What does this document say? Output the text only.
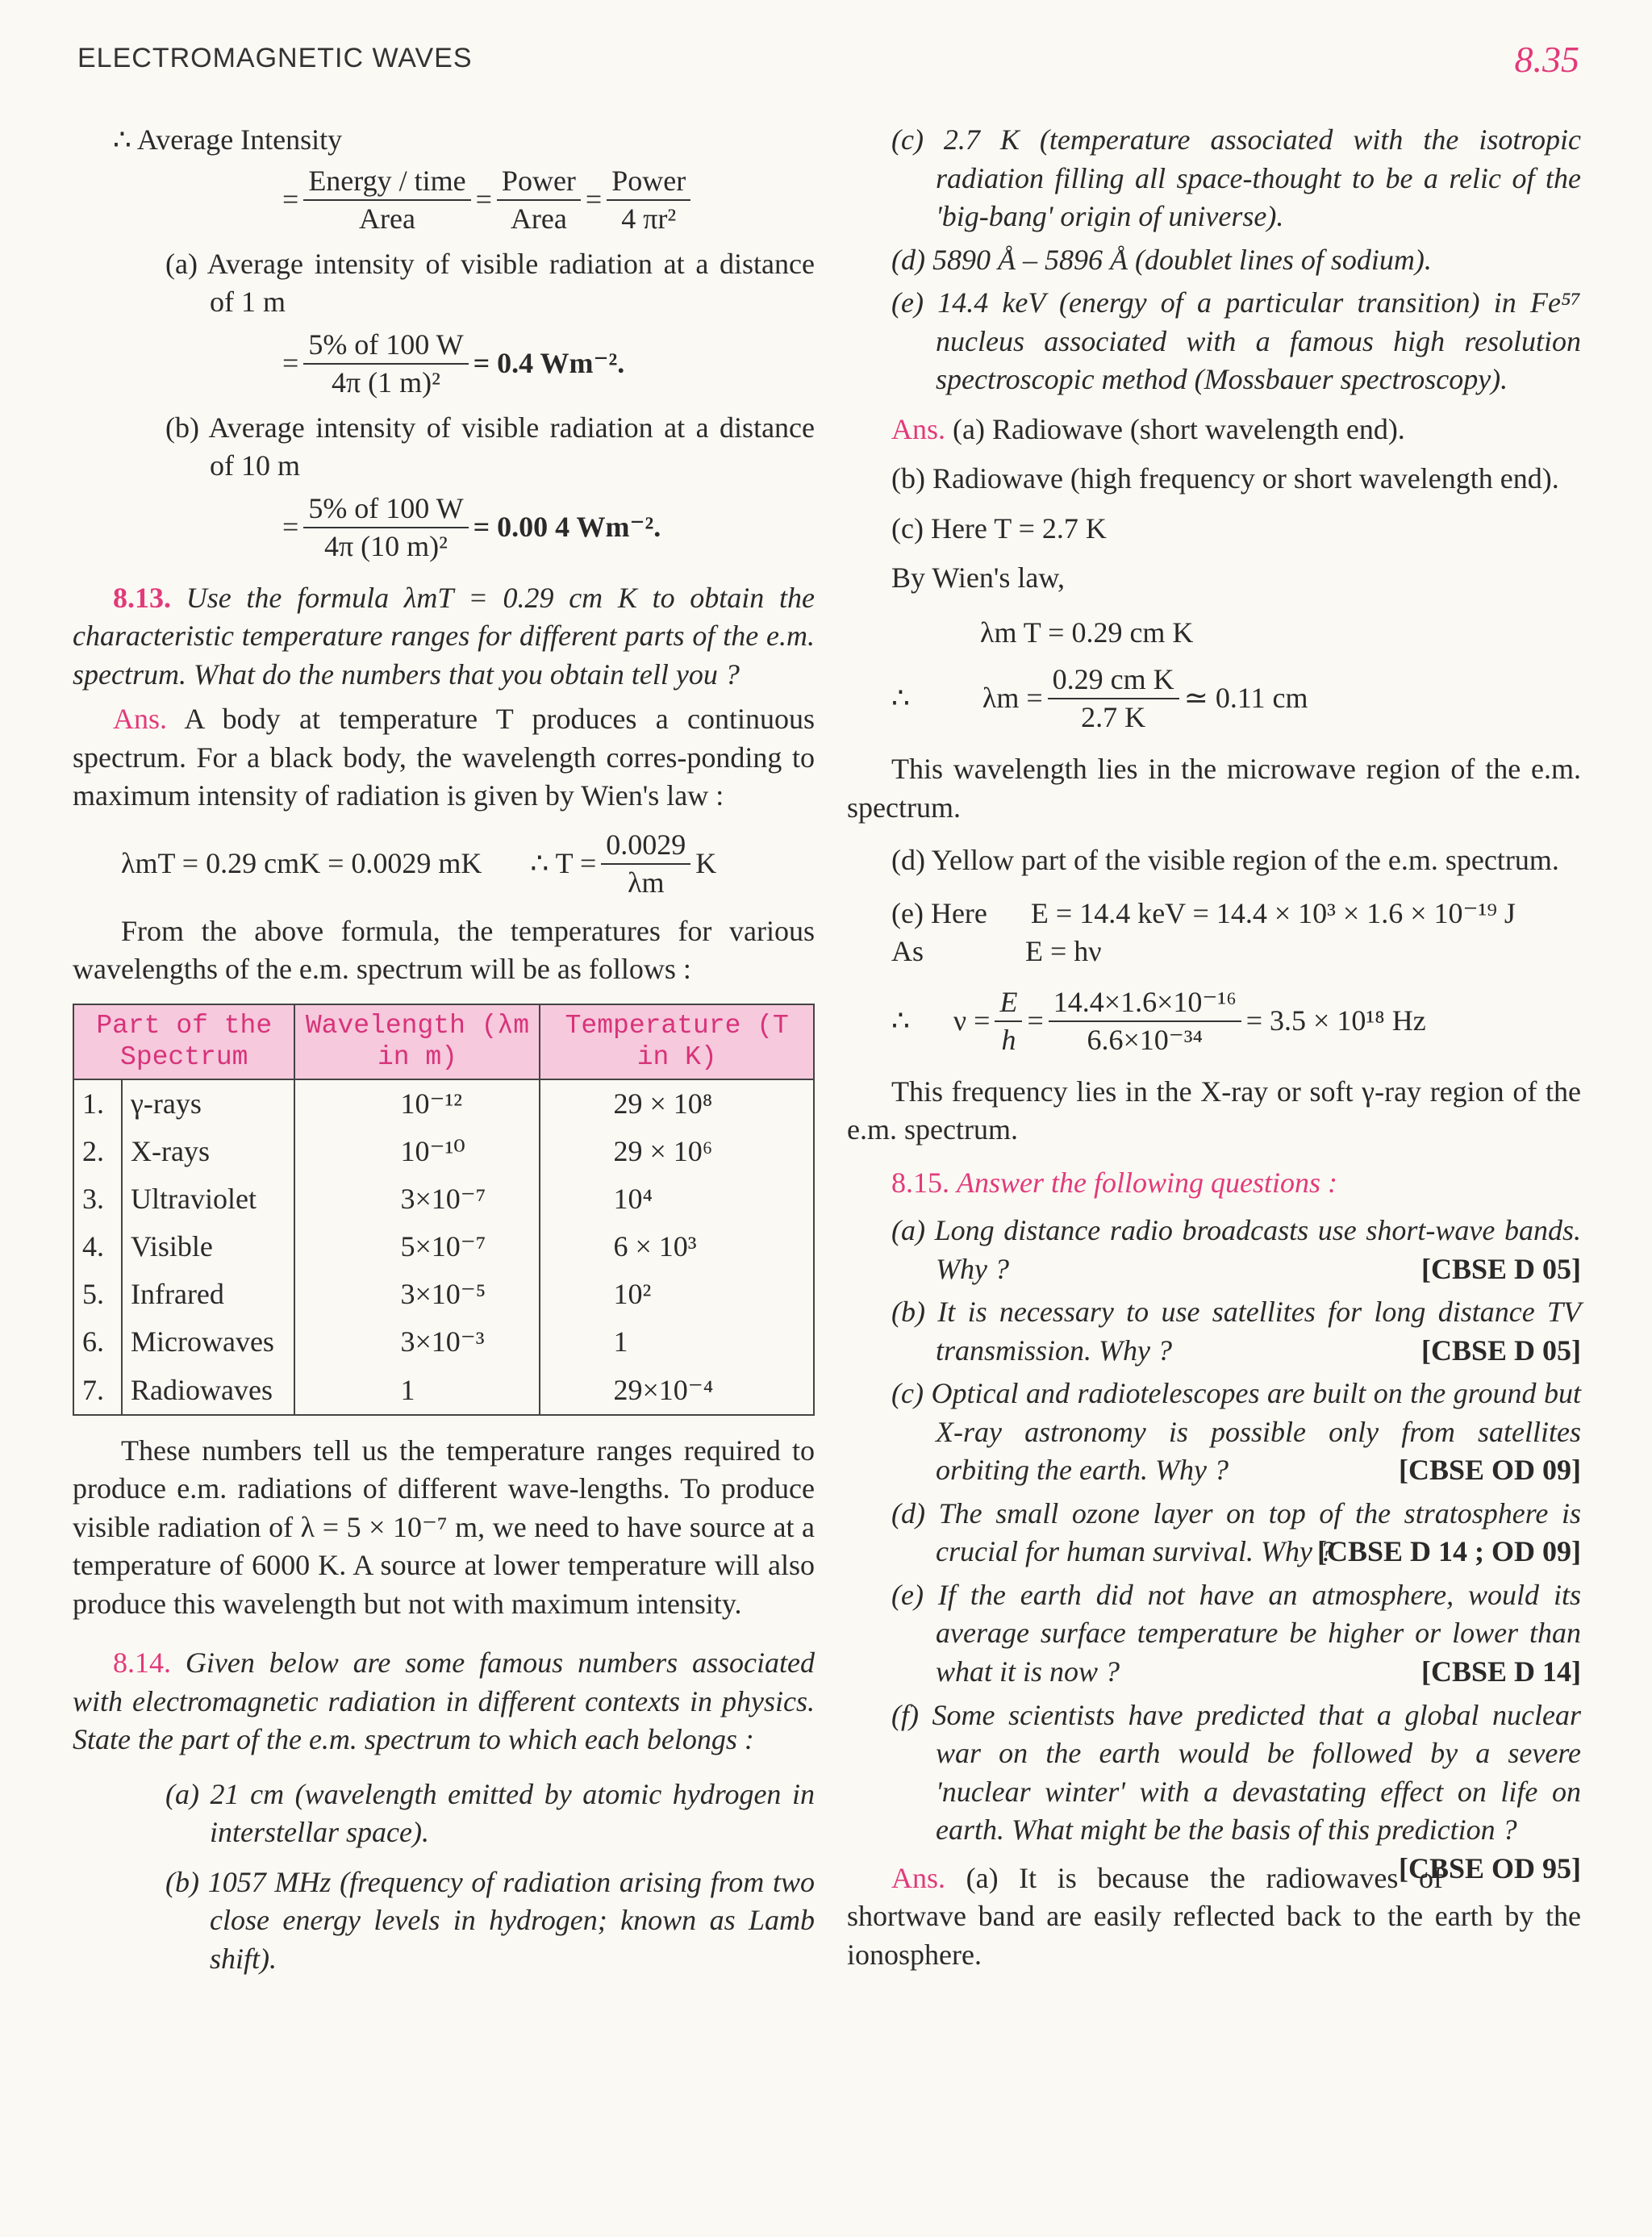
ELECTROMAGNETIC WAVES	8.35

∴ Average Intensity

= $\frac{\text{Energy / time}}{\text{Area}} = \frac{\text{Power}}{\text{Area}} = \frac{\text{Power}}{\text{4 πr²}}$

(a) Average intensity of visible radiation at a distance of 1 m

= $\frac{5\% of 100 W}{\text{4π (1 m)²}} = 0.4$ Wm⁻².

(b) Average intensity of visible radiation at a distance of 10 m

= $\frac{5\% of 100 W}{\text{4π (10 m)²}} = 0.00$ 4 Wm⁻².

8.13. Use the formula λmT = 0.29 cm K to obtain the characteristic temperature ranges for different parts of the e.m. spectrum. What do the numbers that you obtain tell you ?

Ans. A body at temperature T produces a continuous spectrum. For a black body, the wavelength corres-ponding to maximum intensity of radiation is given by Wien's law :

λmT = 0.29 cmK = 0.0029 mK ∴ $T = \frac{0.0029}{\lambda m}$ K

From the above formula, the temperatures for various wavelengths of the e.m. spectrum will be as follows :

Part of the Spectrum		Wavelength (λm in m)	Temperature (T in K)
1.	γ-rays	10⁻¹²	29 × 10⁸
2.	X-rays	10⁻¹⁰	29 × 10⁶
3.	Ultraviolet	3×10⁻⁷	10⁴
4.	Visible	5×10⁻⁷	6 × 10³
5.	Infrared	3×10⁻⁵	10²
6.	Microwaves	3×10⁻³	1
7.	Radiowaves	1	29×10⁻⁴

These numbers tell us the temperature ranges required to produce e.m. radiations of different wave-lengths. To produce visible radiation of λ = 5 × 10⁻⁷ m, we need to have source at a temperature of 6000 K. A source at lower temperature will also produce this wavelength but not with maximum intensity.

8.14. Given below are some famous numbers associated with electromagnetic radiation in different contexts in physics. State the part of the e.m. spectrum to which each belongs :

(a) 21 cm (wavelength emitted by atomic hydrogen in interstellar space).

(b) 1057 MHz (frequency of radiation arising from two close energy levels in hydrogen; known as Lamb shift).

(c) 2.7 K (temperature associated with the isotropic radiation filling all space-thought to be a relic of the 'big-bang' origin of universe).

(d) 5890 Å – 5896 Å (doublet lines of sodium).

(e) 14.4 keV (energy of a particular transition) in Fe⁵⁷ nucleus associated with a famous high resolution spectroscopic method (Mossbauer spectroscopy).

Ans. (a) Radiowave (short wavelength end).

(b) Radiowave (high frequency or short wavelength end).

(c) Here T = 2.7 K

By Wien's law,

λm T = 0.29 cm K

∴          $\lambda m = \frac{\text{0.29 cm K}}{2.7 K}$ ≃ 0.11 cm

This wavelength lies in the microwave region of the e.m. spectrum.

(d) Yellow part of the visible region of the e.m. spectrum.

(e) Here      E = 14.4 keV = 14.4 × 10³ × 1.6 × 10⁻¹⁹ J

As              E = hν

∴      $\nu = \frac{E}{h} = \frac{\text{14.4×1.6×10⁻¹⁶}}{\text{6.6×10⁻³⁴}} = 3.5 \times 10^{18}$ Hz

This frequency lies in the X-ray or soft γ-ray region of the e.m. spectrum.

8.15. Answer the following questions :

(a) Long distance radio broadcasts use short-wave bands. Why ?	[CBSE D 05]

(b) It is necessary to use satellites for long distance TV transmission. Why ?	[CBSE D 05]

(c) Optical and radiotelescopes are built on the ground but X-ray astronomy is possible only from satellites orbiting the earth. Why ?	[CBSE OD 09]

(d) The small ozone layer on top of the stratosphere is crucial for human survival. Why ?
[CBSE D 14 ; OD 09]

(e) If the earth did not have an atmosphere, would its average surface temperature be higher or lower than what it is now ?	[CBSE D 14]

(f) Some scientists have predicted that a global nuclear war on the earth would be followed by a severe 'nuclear winter' with a devastating effect on life on earth. What might be the basis of this prediction ?
[CBSE OD 95]

Ans. (a) It is because the radiowaves of shortwave band are easily reflected back to the earth by the ionosphere.
